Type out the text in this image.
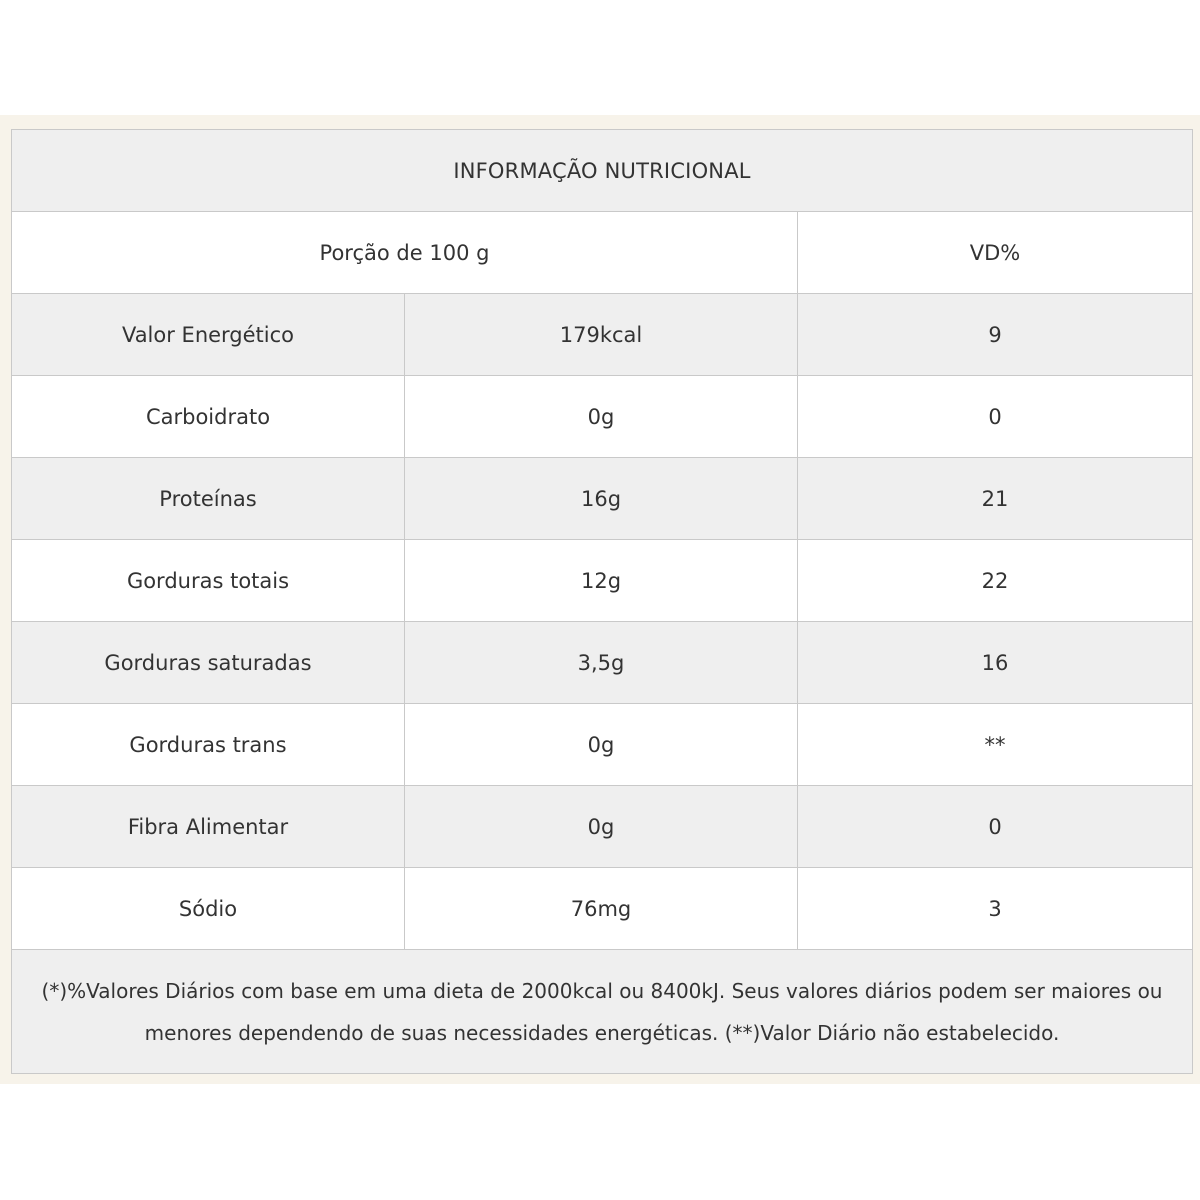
INFORMAÇÃO NUTRICIONAL		
Porção de 100 g		VD%
Valor Energético	179kcal	9
Carboidrato	0g	0
Proteínas	16g	21
Gorduras totais	12g	22
Gorduras saturadas	3,5g	16
Gorduras trans	0g	**
Fibra Alimentar	0g	0
Sódio	76mg	3
(*)%Valores Diários com base em uma dieta de 2000kcal ou 8400kJ. Seus valores diários podem ser maiores ou menores dependendo de suas necessidades energéticas. (**)Valor Diário não estabelecido.		
